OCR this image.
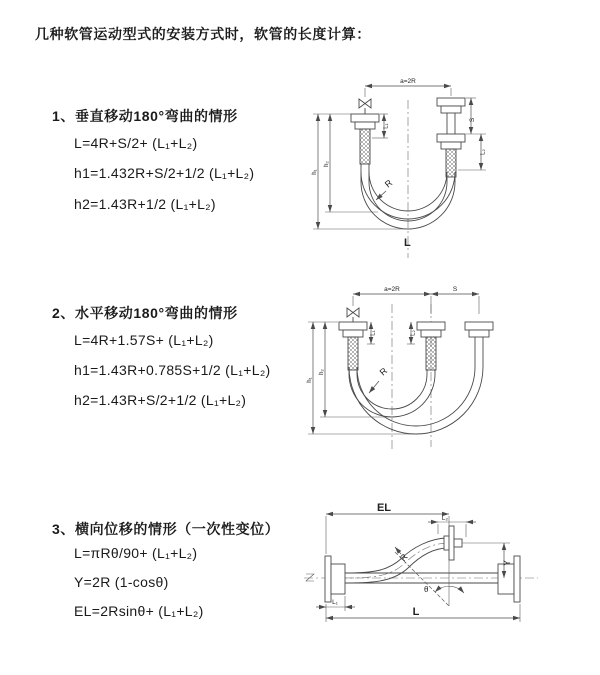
几种软管运动型式的安装方式时，软管的长度计算：
1、垂直移动180°弯曲的情形
L=4R+S/2+ (L₁+L₂)
h1=1.432R+S/2+1/2 (L₁+L₂)
h2=1.43R+1/2 (L₁+L₂)
2、水平移动180°弯曲的情形
L=4R+1.57S+ (L₁+L₂)
h1=1.43R+0.785S+1/2 (L₁+L₂)
h2=1.43R+S/2+1/2 (L₁+L₂)
3、横向位移的情形（一次性变位）
L=πRθ/90+ (L₁+L₂)
Y=2R (1-cosθ)
EL=2Rsinθ+ (L₁+L₂)
a=2R
S
L₂
L₁
h₁
h₂
R
L
a=2R	S
h₁
h₂
L₁	L₂
R
EL
L₂
Y
R
θ
L₁
L
